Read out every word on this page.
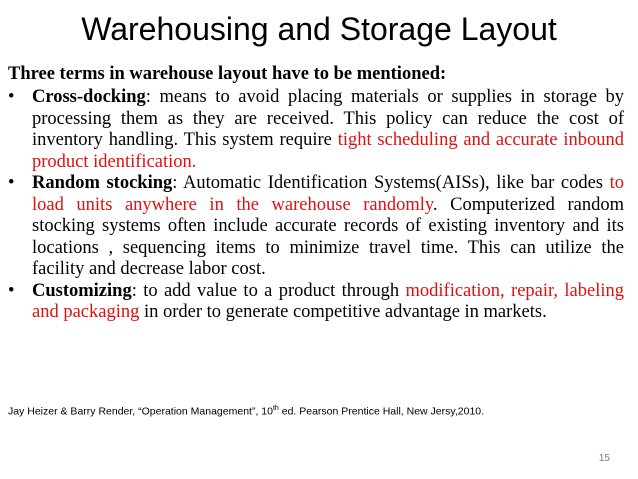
Warehousing and Storage Layout
Three terms in warehouse layout have to be mentioned:

• Cross-docking: means to avoid placing materials or supplies in storage by processing them as they are received. This policy can reduce the cost of inventory handling. This system require tight scheduling and accurate inbound product identification.

• Random stocking: Automatic Identification Systems(AISs), like bar codes to load units anywhere in the warehouse randomly. Computerized random stocking systems often include accurate records of existing inventory and its locations , sequencing items to minimize travel time. This can utilize the facility and decrease labor cost.

• Customizing: to add value to a product through modification, repair, labeling and packaging in order to generate competitive advantage in markets.

Jay Heizer & Barry Render, “Operation Management”, 10th ed. Pearson Prentice Hall, New Jersy,2010.
15
